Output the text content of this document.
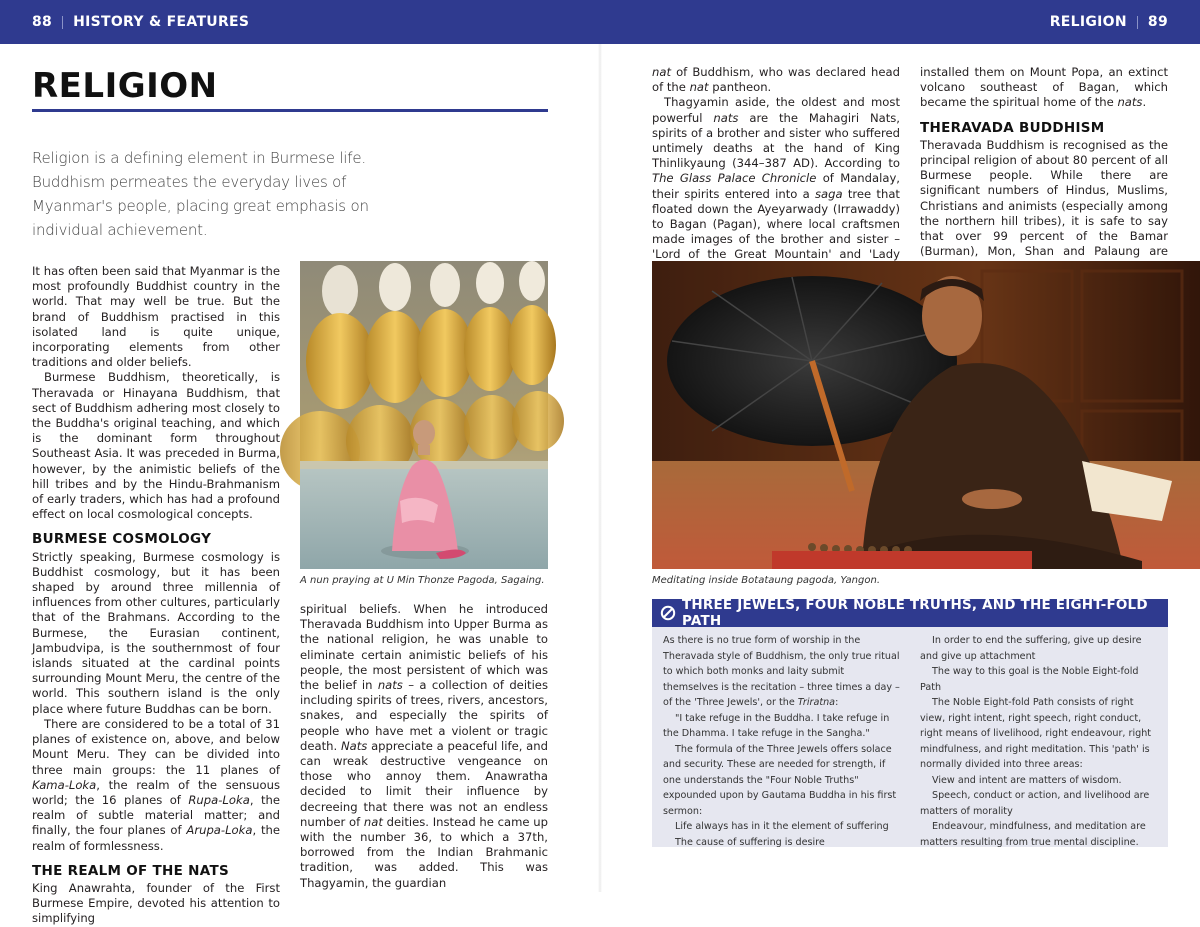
88 HISTORY & FEATURES	RELIGION 89
RELIGION

Religion is a defining element in Burmese life. Buddhism permeates the everyday lives of Myanmar's people, placing great emphasis on individual achievement.

It has often been said that Myanmar is the most profoundly Buddhist country in the world. That may well be true. But the brand of Buddhism practised in this isolated land is quite unique, incorporating elements from other traditions and older beliefs.

Burmese Buddhism, theoretically, is Theravada or Hinayana Buddhism, that sect of Buddhism adhering most closely to the Buddha's original teaching, and which is the dominant form throughout Southeast Asia. It was preceded in Burma, however, by the animistic beliefs of the hill tribes and by the Hindu-Brahmanism of early traders, which has had a profound effect on local cosmological concepts.

BURMESE COSMOLOGY

Strictly speaking, Burmese cosmology is Buddhist cosmology, but it has been shaped by around three millennia of influences from other cultures, particularly that of the Brahmans. According to the Burmese, the Eurasian continent, Jambudvipa, is the southernmost of four islands situated at the cardinal points surrounding Mount Meru, the centre of the world. This southern island is the only place where future Buddhas can be born.

There are considered to be a total of 31 planes of existence on, above, and below Mount Meru. They can be divided into three main groups: the 11 planes of Kama-Loka, the realm of the sensuous world; the 16 planes of Rupa-Loka, the realm of subtle material matter; and finally, the four planes of Arupa-Loka, the realm of formlessness.

THE REALM OF THE NATS

King Anawrahta, founder of the First Burmese Empire, devoted his attention to simplifying

A nun praying at U Min Thonze Pagoda, Sagaing.

spiritual beliefs. When he introduced Theravada Buddhism into Upper Burma as the national religion, he was unable to eliminate certain animistic beliefs of his people, the most persistent of which was the belief in nats – a collection of deities including spirits of trees, rivers, ancestors, snakes, and especially the spirits of people who have met a violent or tragic death. Nats appreciate a peaceful life, and can wreak destructive vengeance on those who annoy them. Anawratha decided to limit their influence by decreeing that there was not an endless number of nat deities. Instead he came up with the number 36, to which a 37th, borrowed from the Indian Brahmanic tradition, was added. This was Thagyamin, the guardian

nat of Buddhism, who was declared head of the nat pantheon.

Thagyamin aside, the oldest and most powerful nats are the Mahagiri Nats, spirits of a brother and sister who suffered untimely deaths at the hand of King Thinlikyaung (344–387 AD). According to The Glass Palace Chronicle of Mandalay, their spirits entered into a saga tree that floated down the Ayeyarwady (Irrawaddy) to Bagan (Pagan), where local craftsmen made images of the brother and sister – 'Lord of the Great Mountain' and 'Lady

installed them on Mount Popa, an extinct volcano southeast of Bagan, which became the spiritual home of the nats.

THERAVADA BUDDHISM

Theravada Buddhism is recognised as the principal religion of about 80 percent of all Burmese people. While there are significant numbers of Hindus, Muslims, Christians and animists (especially among the northern hill tribes), it is safe to say that over 99 percent of the Bamar (Burman), Mon, Shan and Palaung are

Meditating inside Botataung pagoda, Yangon.
THREE JEWELS, FOUR NOBLE TRUTHS, AND THE EIGHT-FOLD PATH

As there is no true form of worship in the Theravada style of Buddhism, the only true ritual to which both monks and laity submit themselves is the recitation – three times a day – of the 'Three Jewels', or the Triratna:

"I take refuge in the Buddha. I take refuge in the Dhamma. I take refuge in the Sangha."

The formula of the Three Jewels offers solace and security. These are needed for strength, if one understands the "Four Noble Truths" expounded upon by Gautama Buddha in his first sermon:

Life always has in it the element of suffering

The cause of suffering is desire

In order to end the suffering, give up desire and give up attachment

The way to this goal is the Noble Eight-fold Path

The Noble Eight-fold Path consists of right view, right intent, right speech, right conduct, right means of livelihood, right endeavour, right mindfulness, and right meditation. This 'path' is normally divided into three areas:

View and intent are matters of wisdom.

Speech, conduct or action, and livelihood are matters of morality

Endeavour, mindfulness, and meditation are matters resulting from true mental discipline.
